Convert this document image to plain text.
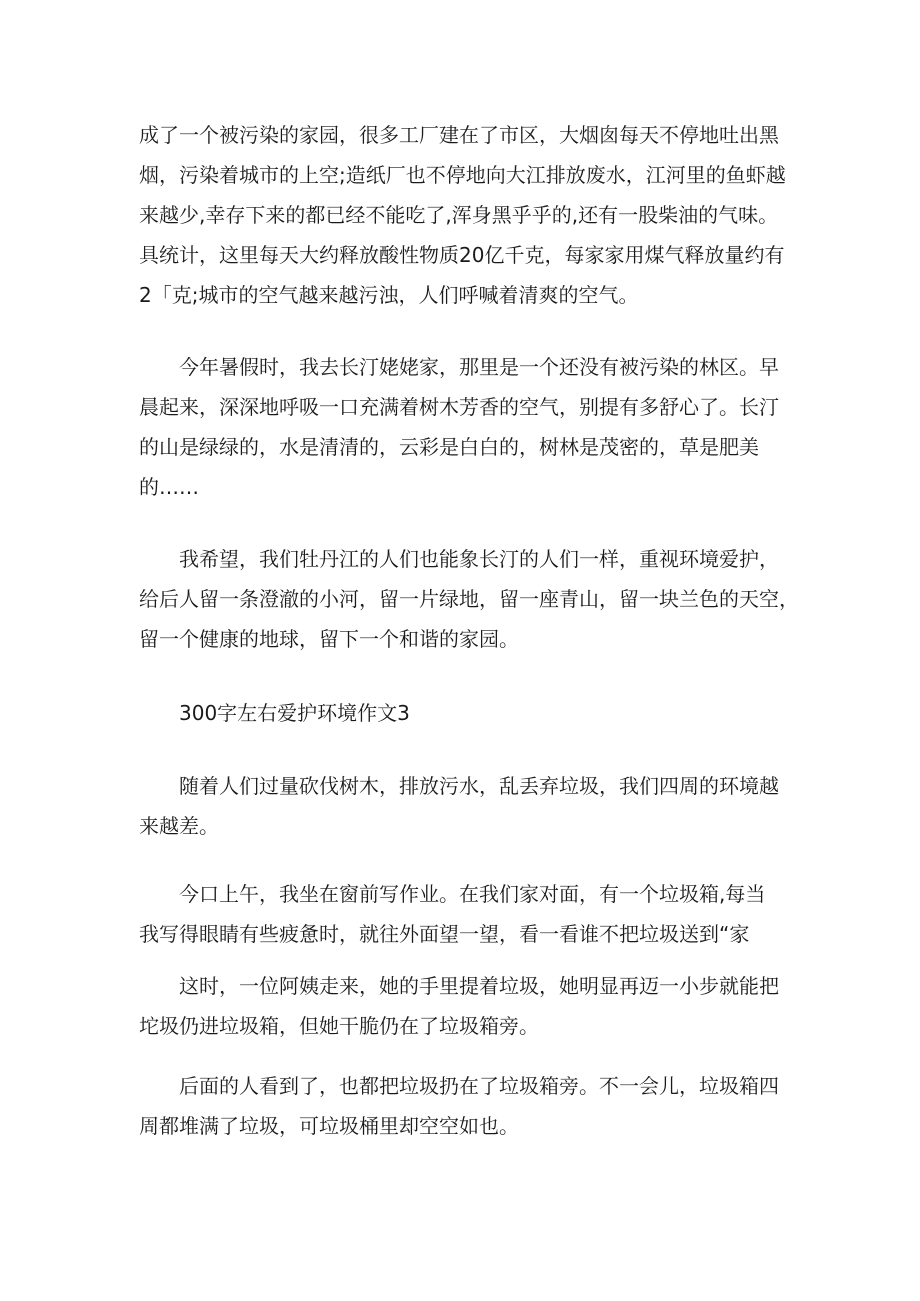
成了一个被污染的家园，很多工厂建在了市区，大烟囱每天不停地吐出黑
烟，污染着城市的上空;造纸厂也不停地向大江排放废水，江河里的鱼虾越
来越少,幸存下来的都已经不能吃了,浑身黑乎乎的,还有一股柴油的气味。
具统计，这里每天大约释放酸性物质20亿千克，每家家用煤气释放量约有
2「克;城市的空气越来越污浊，人们呼喊着清爽的空气。
今年暑假时，我去长汀姥姥家，那里是一个还没有被污染的林区。早
晨起来，深深地呼吸一口充满着树木芳香的空气，别提有多舒心了。长汀
的山是绿绿的，水是清清的，云彩是白白的，树林是茂密的，草是肥美
的……
我希望，我们牡丹江的人们也能象长汀的人们一样，重视环境爱护，
给后人留一条澄澈的小河，留一片绿地，留一座青山，留一块兰色的天空，
留一个健康的地球，留下一个和谐的家园。
300字左右爱护环境作文3
随着人们过量砍伐树木，排放污水，乱丢弃垃圾，我们四周的环境越
来越差。
今口上午，我坐在窗前写作业。在我们家对面，有一个垃圾箱,每当
我写得眼睛有些疲惫时，就往外面望一望，看一看谁不把垃圾送到“家
这时，一位阿姨走来，她的手里提着垃圾，她明显再迈一小步就能把
坨圾仍进垃圾箱，但她干脆仍在了垃圾箱旁。
后面的人看到了，也都把垃圾扔在了垃圾箱旁。不一会儿，垃圾箱四
周都堆满了垃圾，可垃圾桶里却空空如也。
